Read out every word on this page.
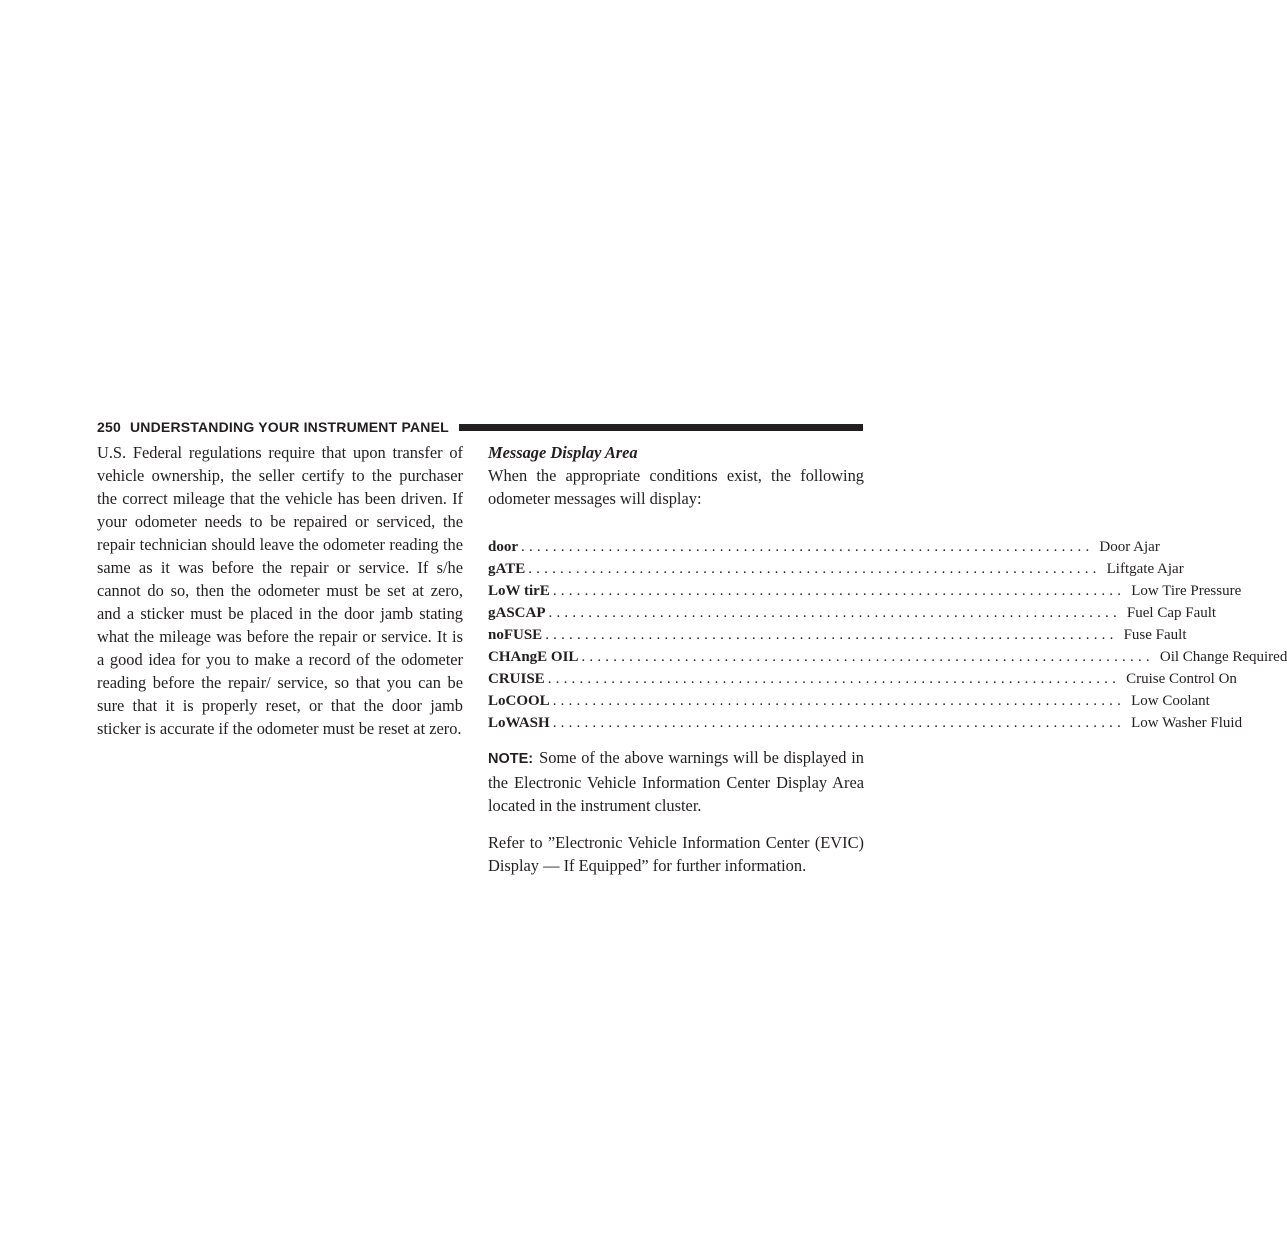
250 UNDERSTANDING YOUR INSTRUMENT PANEL

U.S. Federal regulations require that upon transfer of vehicle ownership, the seller certify to the purchaser the correct mileage that the vehicle has been driven. If your odometer needs to be repaired or serviced, the repair technician should leave the odometer reading the same as it was before the repair or service. If s/he cannot do so, then the odometer must be set at zero, and a sticker must be placed in the door jamb stating what the mileage was before the repair or service. It is a good idea for you to make a record of the odometer reading before the repair/ service, so that you can be sure that it is properly reset, or that the door jamb sticker is accurate if the odometer must be reset at zero.

Message Display Area

When the appropriate conditions exist, the following odometer messages will display:

door ........................................................................ Door Ajar
gATE ........................................................................ Liftgate Ajar
LoW tirE ........................................................................ Low Tire Pressure
gASCAP ........................................................................ Fuel Cap Fault
noFUSE ........................................................................ Fuse Fault
CHAngE OIL ........................................................................ Oil Change Required
CRUISE ........................................................................ Cruise Control On
LoCOOL ........................................................................ Low Coolant
LoWASH ........................................................................ Low Washer Fluid

NOTE: Some of the above warnings will be displayed in the Electronic Vehicle Information Center Display Area located in the instrument cluster.

Refer to ”Electronic Vehicle Information Center (EVIC) Display — If Equipped” for further information.
